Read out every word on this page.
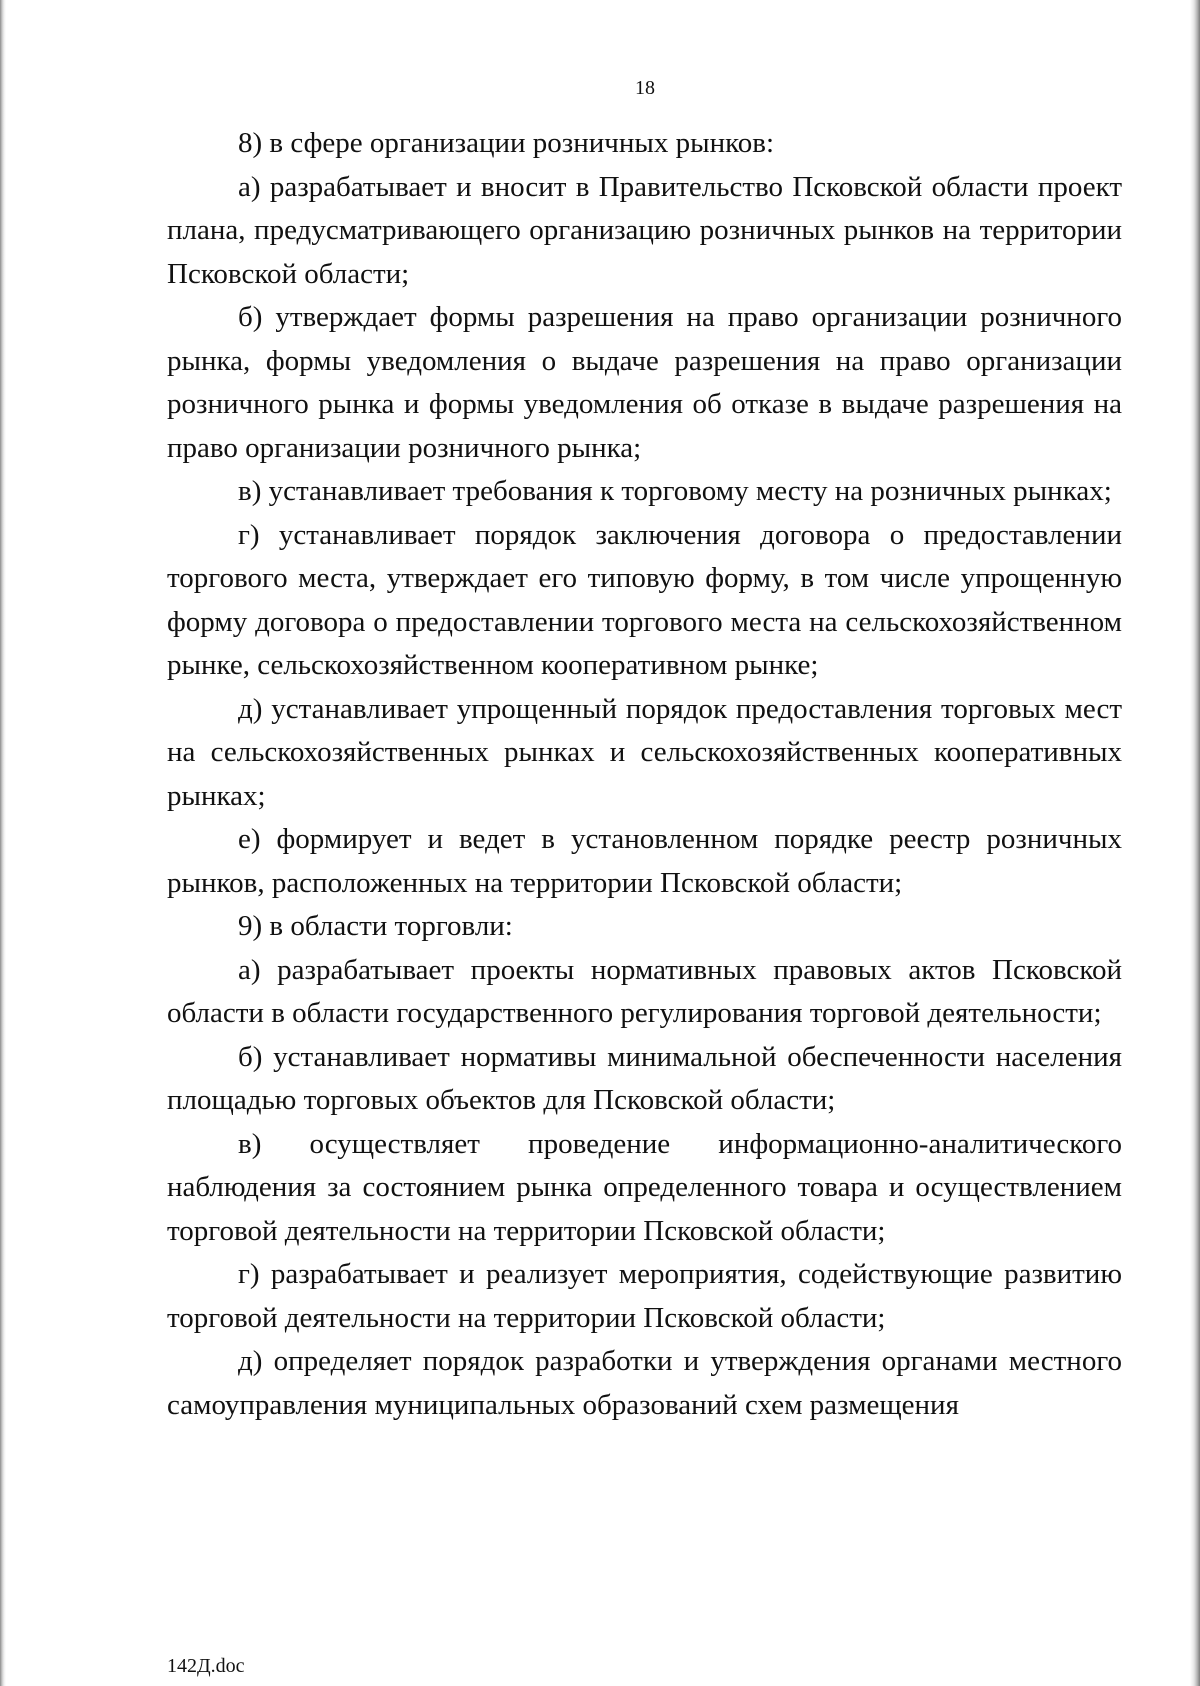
18

8) в сфере организации розничных рынков:

а) разрабатывает и вносит в Правительство Псковской области проект плана, предусматривающего организацию розничных рынков на территории Псковской области;

б) утверждает формы разрешения на право организации розничного рынка, формы уведомления о выдаче разрешения на право организации розничного рынка и формы уведомления об отказе в выдаче разрешения на право организации розничного рынка;

в) устанавливает требования к торговому месту на розничных рынках;

г) устанавливает порядок заключения договора о предоставлении торгового места, утверждает его типовую форму, в том числе упрощенную форму договора о предоставлении торгового места на сельскохозяйственном рынке, сельскохозяйственном кооперативном рынке;

д) устанавливает упрощенный порядок предоставления торговых мест на сельскохозяйственных рынках и сельскохозяйственных кооперативных рынках;

е) формирует и ведет в установленном порядке реестр розничных рынков, расположенных на территории Псковской области;

9) в области торговли:

а) разрабатывает проекты нормативных правовых актов Псковской области в области государственного регулирования торговой деятельности;

б) устанавливает нормативы минимальной обеспеченности населения площадью торговых объектов для Псковской области;

в) осуществляет проведение информационно-аналитического наблюдения за состоянием рынка определенного товара и осуществлением торговой деятельности на территории Псковской области;

г) разрабатывает и реализует мероприятия, содействующие развитию торговой деятельности на территории Псковской области;

д) определяет порядок разработки и утверждения органами местного самоуправления муниципальных образований схем размещения

142Д.doc
